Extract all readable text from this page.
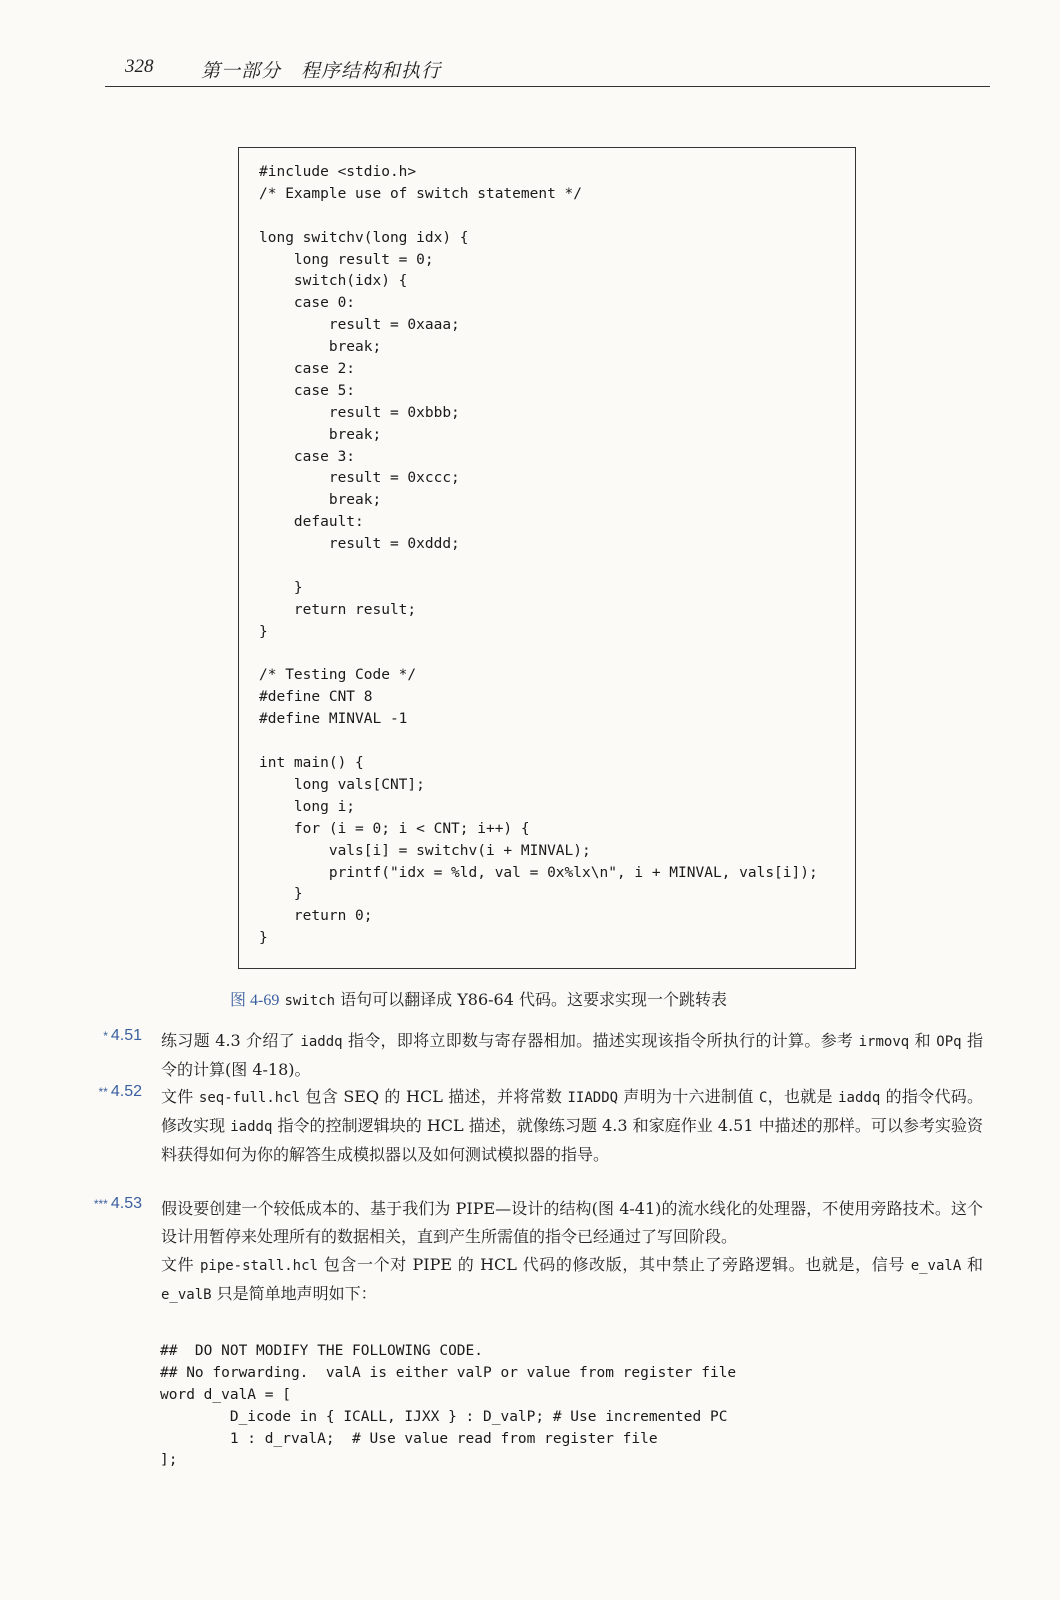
328	第一部分　程序结构和执行
#include <stdio.h>
/* Example use of switch statement */
long switchv(long idx) {
long result = 0;
switch(idx) {
case 0:
result = 0xaaa;
break;
case 2:
case 5:
result = 0xbbb;
break;
case 3:
result = 0xccc;
break;
default:
result = 0xddd;
}
return result;
}
/* Testing Code */
#define CNT 8
#define MINVAL -1
int main() {
long vals[CNT];
long i;
for (i = 0; i < CNT; i++) {
vals[i] = switchv(i + MINVAL);
printf("idx = %ld, val = 0x%lx\n", i + MINVAL, vals[i]);
}
return 0;
}
图 4-69 switch 语句可以翻译成 Y86-64 代码。这要求实现一个跳转表
* 4.51 练习题 4.3 介绍了 iaddq 指令，即将立即数与寄存器相加。描述实现该指令所执行的计算。参考 irmovq 和 OPq 指令的计算(图 4-18)。

** 4.52 文件 seq-full.hcl 包含 SEQ 的 HCL 描述，并将常数 IIADDQ 声明为十六进制值 C，也就是 iaddq 的指令代码。修改实现 iaddq 指令的控制逻辑块的 HCL 描述，就像练习题 4.3 和家庭作业 4.51 中描述的那样。可以参考实验资料获得如何为你的解答生成模拟器以及如何测试模拟器的指导。

*** 4.53 假设要创建一个较低成本的、基于我们为 PIPE—设计的结构(图 4-41)的流水线化的处理器，不使用旁路技术。这个设计用暂停来处理所有的数据相关，直到产生所需值的指令已经通过了写回阶段。

文件 pipe-stall.hcl 包含一个对 PIPE 的 HCL 代码的修改版，其中禁止了旁路逻辑。也就是，信号 e_valA 和 e_valB 只是简单地声明如下：

##  DO NOT MODIFY THE FOLLOWING CODE.
## No forwarding.  valA is either valP or value from register file
word d_valA = [
D_icode in { ICALL, IJXX } : D_valP; # Use incremented PC
1 : d_rvalA;  # Use value read from register file
];
